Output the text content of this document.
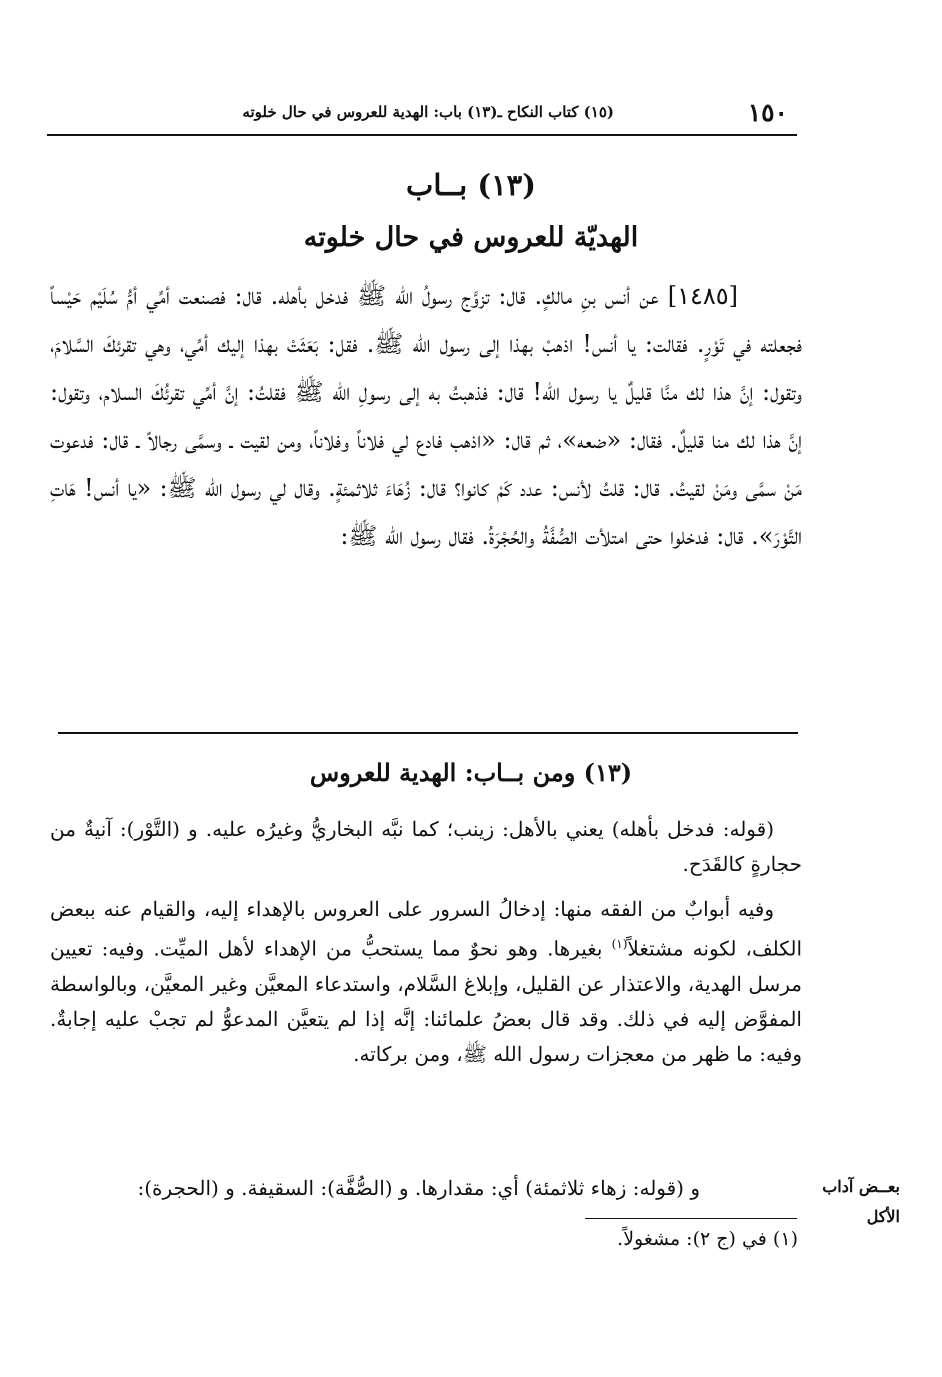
١٥٠
(١٥) كتاب النكاح ـ(١٣) باب: الهدية للعروس في حال خلوته
(١٣) بــاب
الهديّة للعروس في حال خلوته

[١٤٨٥] عن أنس بنِ مالكٍ. قال: تزوَّج رسولُ الله ﷺ فدخل بأهله. قال: فصنعت أمِّي أمُّ سُلَيْم حَيْساً فجعلته في تَوْرٍ. فقالت: يا أنس! اذهبْ بهذا إلى رسول الله ﷺ. فقل: بَعَثَتْ بهذا إليك أمِّي، وهي تقرئكَ السَّلامَ، وتقول: إنَّ هذا لك منَّا قليلٌ يا رسول الله! قال: فذهبتُ به إلى رسولِ الله ﷺ فقلتُ: إنَّ أمِّي تقرئُكَ السلام، وتقول: إنَّ هذا لك منا قليلٌ. فقال: «ضعه»، ثم قال: «اذهب فادع لي فلاناً وفلاناً، ومن لقيت ـ وسمَّى رجالاً ـ قال: فدعوت مَنْ سمَّى ومَنْ لقيتُ. قال: قلتُ لأنس: عدد كَمْ كانوا؟ قال: زُهَاءَ ثلاثمئةٍ. وقال لي رسول الله ﷺ: «يا أنس! هَاتِ التَّوْرَ». قال: فدخلوا حتى امتلأت الصُّفَّةُ والحُجْرَةُ. فقال رسول الله ﷺ:

(١٣) ومن بــاب: الهدية للعروس

(قوله: فدخل بأهله) يعني بالأهل: زينب؛ كما نبَّه البخاريُّ وغيرُه عليه. و (التَّوْر): آنيةٌ من حجارةٍ كالقَدَح.

وفيه أبوابٌ من الفقه منها: إدخالُ السرور على العروس بالإهداء إليه، والقيام عنه ببعض الكلف، لكونه مشتغلاً$^{(١)}$ بغيرها. وهو نحوٌ مما يستحبُّ من الإهداء لأهل الميِّت. وفيه: تعيين مرسل الهدية، والاعتذار عن القليل، وإبلاغ السَّلام، واستدعاء المعيَّن وغير المعيَّن، وبالواسطة المفوَّض إليه في ذلك. وقد قال بعضُ علمائنا: إنَّه إذا لم يتعيَّن المدعوُّ لم تجبْ عليه إجابةٌ. وفيه: ما ظهر من معجزات رسول الله ﷺ، ومن بركاته.

و (قوله: زهاء ثلاثمئة) أي: مقدارها. و (الصُّفَّة): السقيفة. و (الحجرة):	بعــض آداب الأكل

(١) في (ج ٢): مشغولاً.
